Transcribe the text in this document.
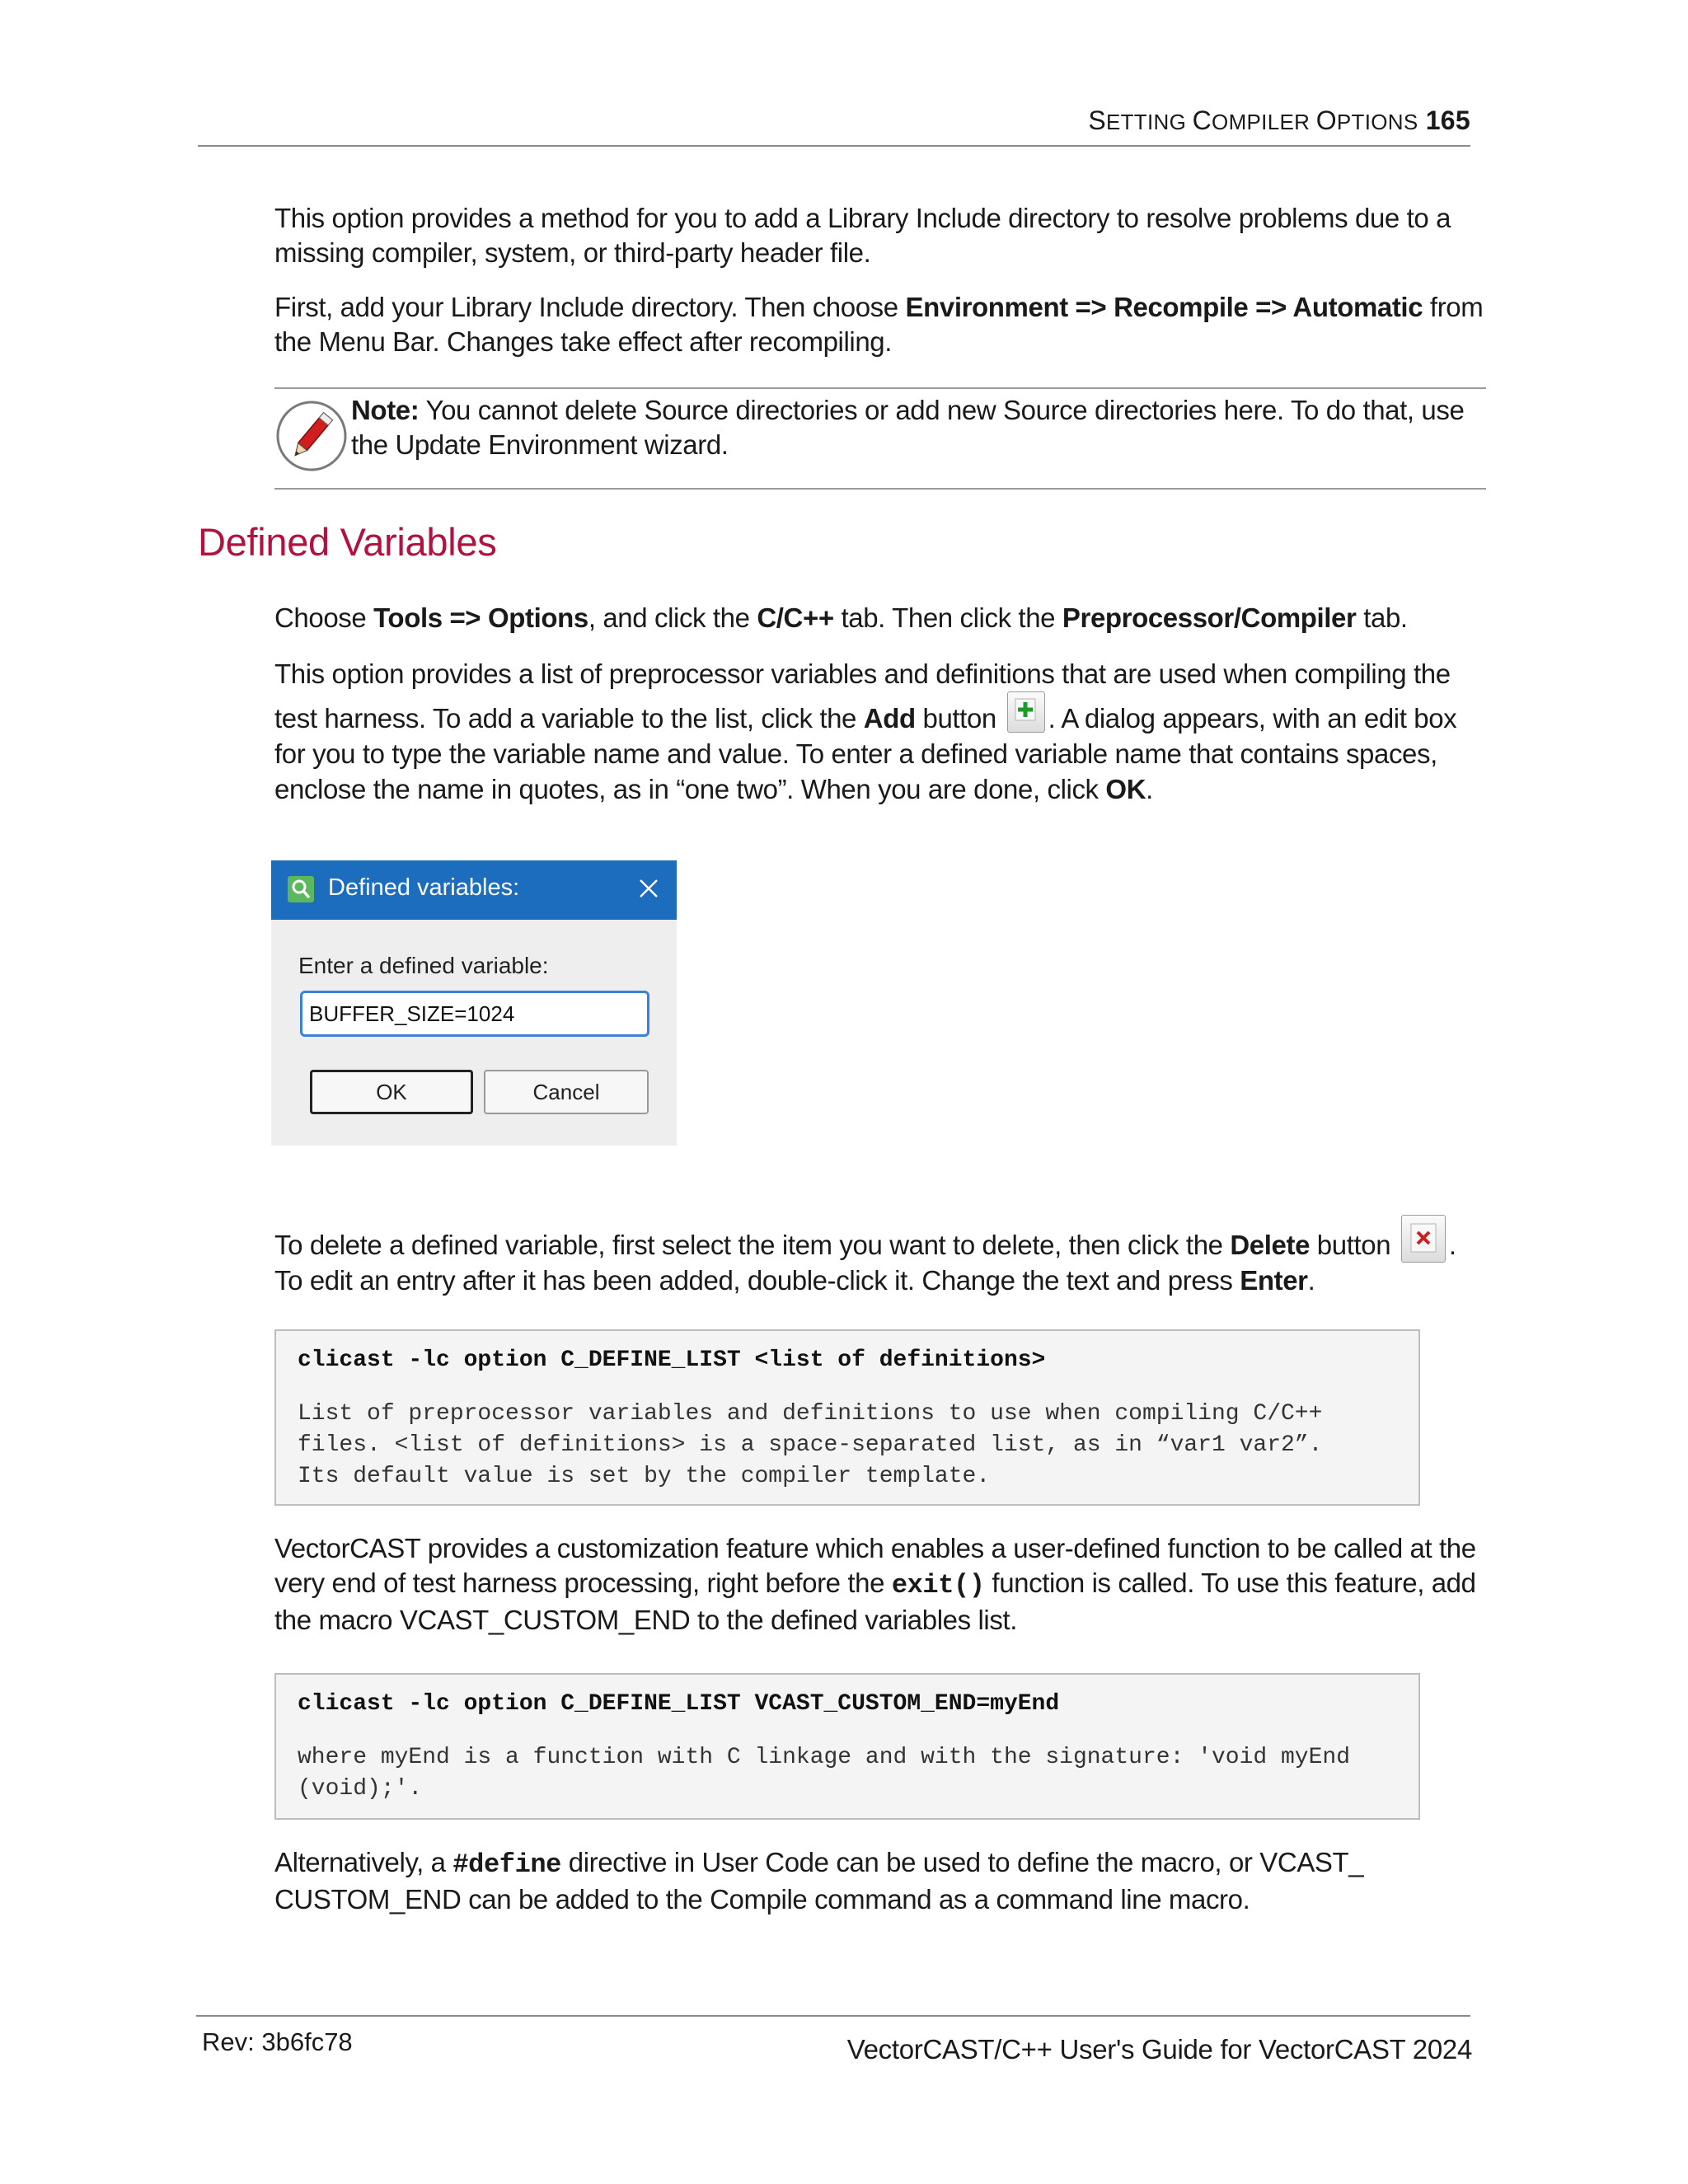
SETTING COMPILER OPTIONS 165
This option provides a method for you to add a Library Include directory to resolve problems due to a missing compiler, system, or third-party header file.
First, add your Library Include directory. Then choose Environment => Recompile => Automatic from the Menu Bar. Changes take effect after recompiling.
Note: You cannot delete Source directories or add new Source directories here. To do that, use the Update Environment wizard.
Defined Variables
Choose Tools => Options, and click the C/C++ tab. Then click the Preprocessor/Compiler tab.
This option provides a list of preprocessor variables and definitions that are used when compiling the test harness. To add a variable to the list, click the Add button
. A dialog appears, with an edit box for you to type the variable name and value. To enter a defined variable name that contains spaces, enclose the name in quotes, as in “one two”. When you are done, click OK.
Defined variables:
Enter a defined variable:
BUFFER_SIZE=1024
OK	Cancel
To delete a defined variable, first select the item you want to delete, then click the Delete button
. To edit an entry after it has been added, double-click it. Change the text and press Enter.
clicast -lc option C_DEFINE_LIST <list of definitions>
List of preprocessor variables and definitions to use when compiling C/C++
files. <list of definitions> is a space-separated list, as in “var1 var2”.
Its default value is set by the compiler template.
VectorCAST provides a customization feature which enables a user-defined function to be called at the very end of test harness processing, right before the exit() function is called. To use this feature, add the macro VCAST_CUSTOM_END to the defined variables list.
clicast -lc option C_DEFINE_LIST VCAST_CUSTOM_END=myEnd
where myEnd is a function with C linkage and with the signature: 'void myEnd
(void);'.
Alternatively, a #define directive in User Code can be used to define the macro, or VCAST_ CUSTOM_END can be added to the Compile command as a command line macro.
Rev: 3b6fc78	VectorCAST/C++ User's Guide for VectorCAST 2024
